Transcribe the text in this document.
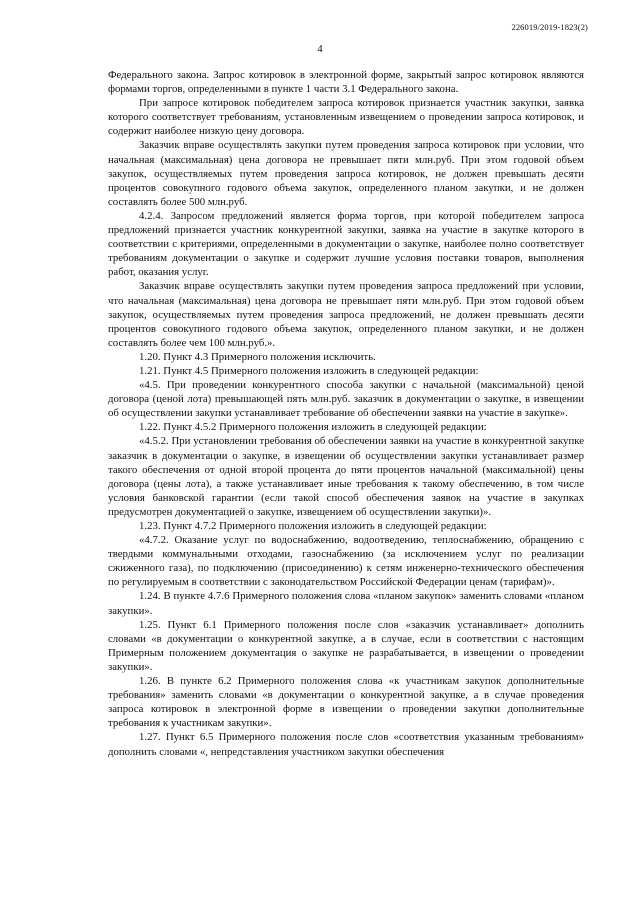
226019/2019-1823(2)
4

Федерального закона. Запрос котировок в электронной форме, закрытый запрос котировок являются формами торгов, определенными в пункте 1 части 3.1 Федерального закона.

При запросе котировок победителем запроса котировок признается участник закупки, заявка которого соответствует требованиям, установленным извещением о проведении запроса котировок, и содержит наиболее низкую цену договора.

Заказчик вправе осуществлять закупки путем проведения запроса котировок при условии, что начальная (максимальная) цена договора не превышает пяти млн.руб. При этом годовой объем закупок, осуществляемых путем проведения запроса котировок, не должен превышать десяти процентов совокупного годового объема закупок, определенного планом закупки, и не должен составлять более 500 млн.руб.

4.2.4. Запросом предложений является форма торгов, при которой победителем запроса предложений признается участник конкурентной закупки, заявка на участие в закупке которого в соответствии с критериями, определенными в документации о закупке, наиболее полно соответствует требованиям документации о закупке и содержит лучшие условия поставки товаров, выполнения работ, оказания услуг.

Заказчик вправе осуществлять закупки путем проведения запроса предложений при условии, что начальная (максимальная) цена договора не превышает пяти млн.руб. При этом годовой объем закупок, осуществляемых путем проведения запроса предложений, не должен превышать десяти процентов совокупного годового объема закупок, определенного планом закупки, и не должен составлять более чем 100 млн.руб.».

1.20. Пункт 4.3 Примерного положения исключить.

1.21. Пункт 4.5 Примерного положения изложить в следующей редакции:

«4.5. При проведении конкурентного способа закупки с начальной (максимальной) ценой договора (ценой лота) превышающей пять млн.руб. заказчик в документации о закупке, в извещении об осуществлении закупки устанавливает требование об обеспечении заявки на участие в закупке».

1.22. Пункт 4.5.2 Примерного положения изложить в следующей редакции:

«4.5.2. При установлении требования об обеспечении заявки на участие в конкурентной закупке заказчик в документации о закупке, в извещении об осуществлении закупки устанавливает размер такого обеспечения от одной второй процента до пяти процентов начальной (максимальной) цены договора (цены лота), а также устанавливает иные требования к такому обеспечению, в том числе условия банковской гарантии (если такой способ обеспечения заявок на участие в закупках предусмотрен документацией о закупке, извещением об осуществлении закупки)».

1.23. Пункт 4.7.2 Примерного положения изложить в следующей редакции:

«4.7.2. Оказание услуг по водоснабжению, водоотведению, теплоснабжению, обращению с твердыми коммунальными отходами, газоснабжению (за исключением услуг по реализации сжиженного газа), по подключению (присоединению) к сетям инженерно-технического обеспечения по регулируемым в соответствии с законодательством Российской Федерации ценам (тарифам)».

1.24. В пункте 4.7.6 Примерного положения слова «планом закупок» заменить словами «планом закупки».

1.25. Пункт 6.1 Примерного положения после слов «заказчик устанавливает» дополнить словами «в документации о конкурентной закупке, а в случае, если в соответствии с настоящим Примерным положением документация о закупке не разрабатывается, в извещении о проведении закупки».

1.26. В пункте 6.2 Примерного положения слова «к участникам закупок дополнительные требования» заменить словами «в документации о конкурентной закупке, а в случае проведения запроса котировок в электронной форме в извещении о проведении закупки дополнительные требования к участникам закупки».

1.27. Пункт 6.5 Примерного положения после слов «соответствия указанным требованиям» дополнить словами «, непредставления участником закупки обеспечения
